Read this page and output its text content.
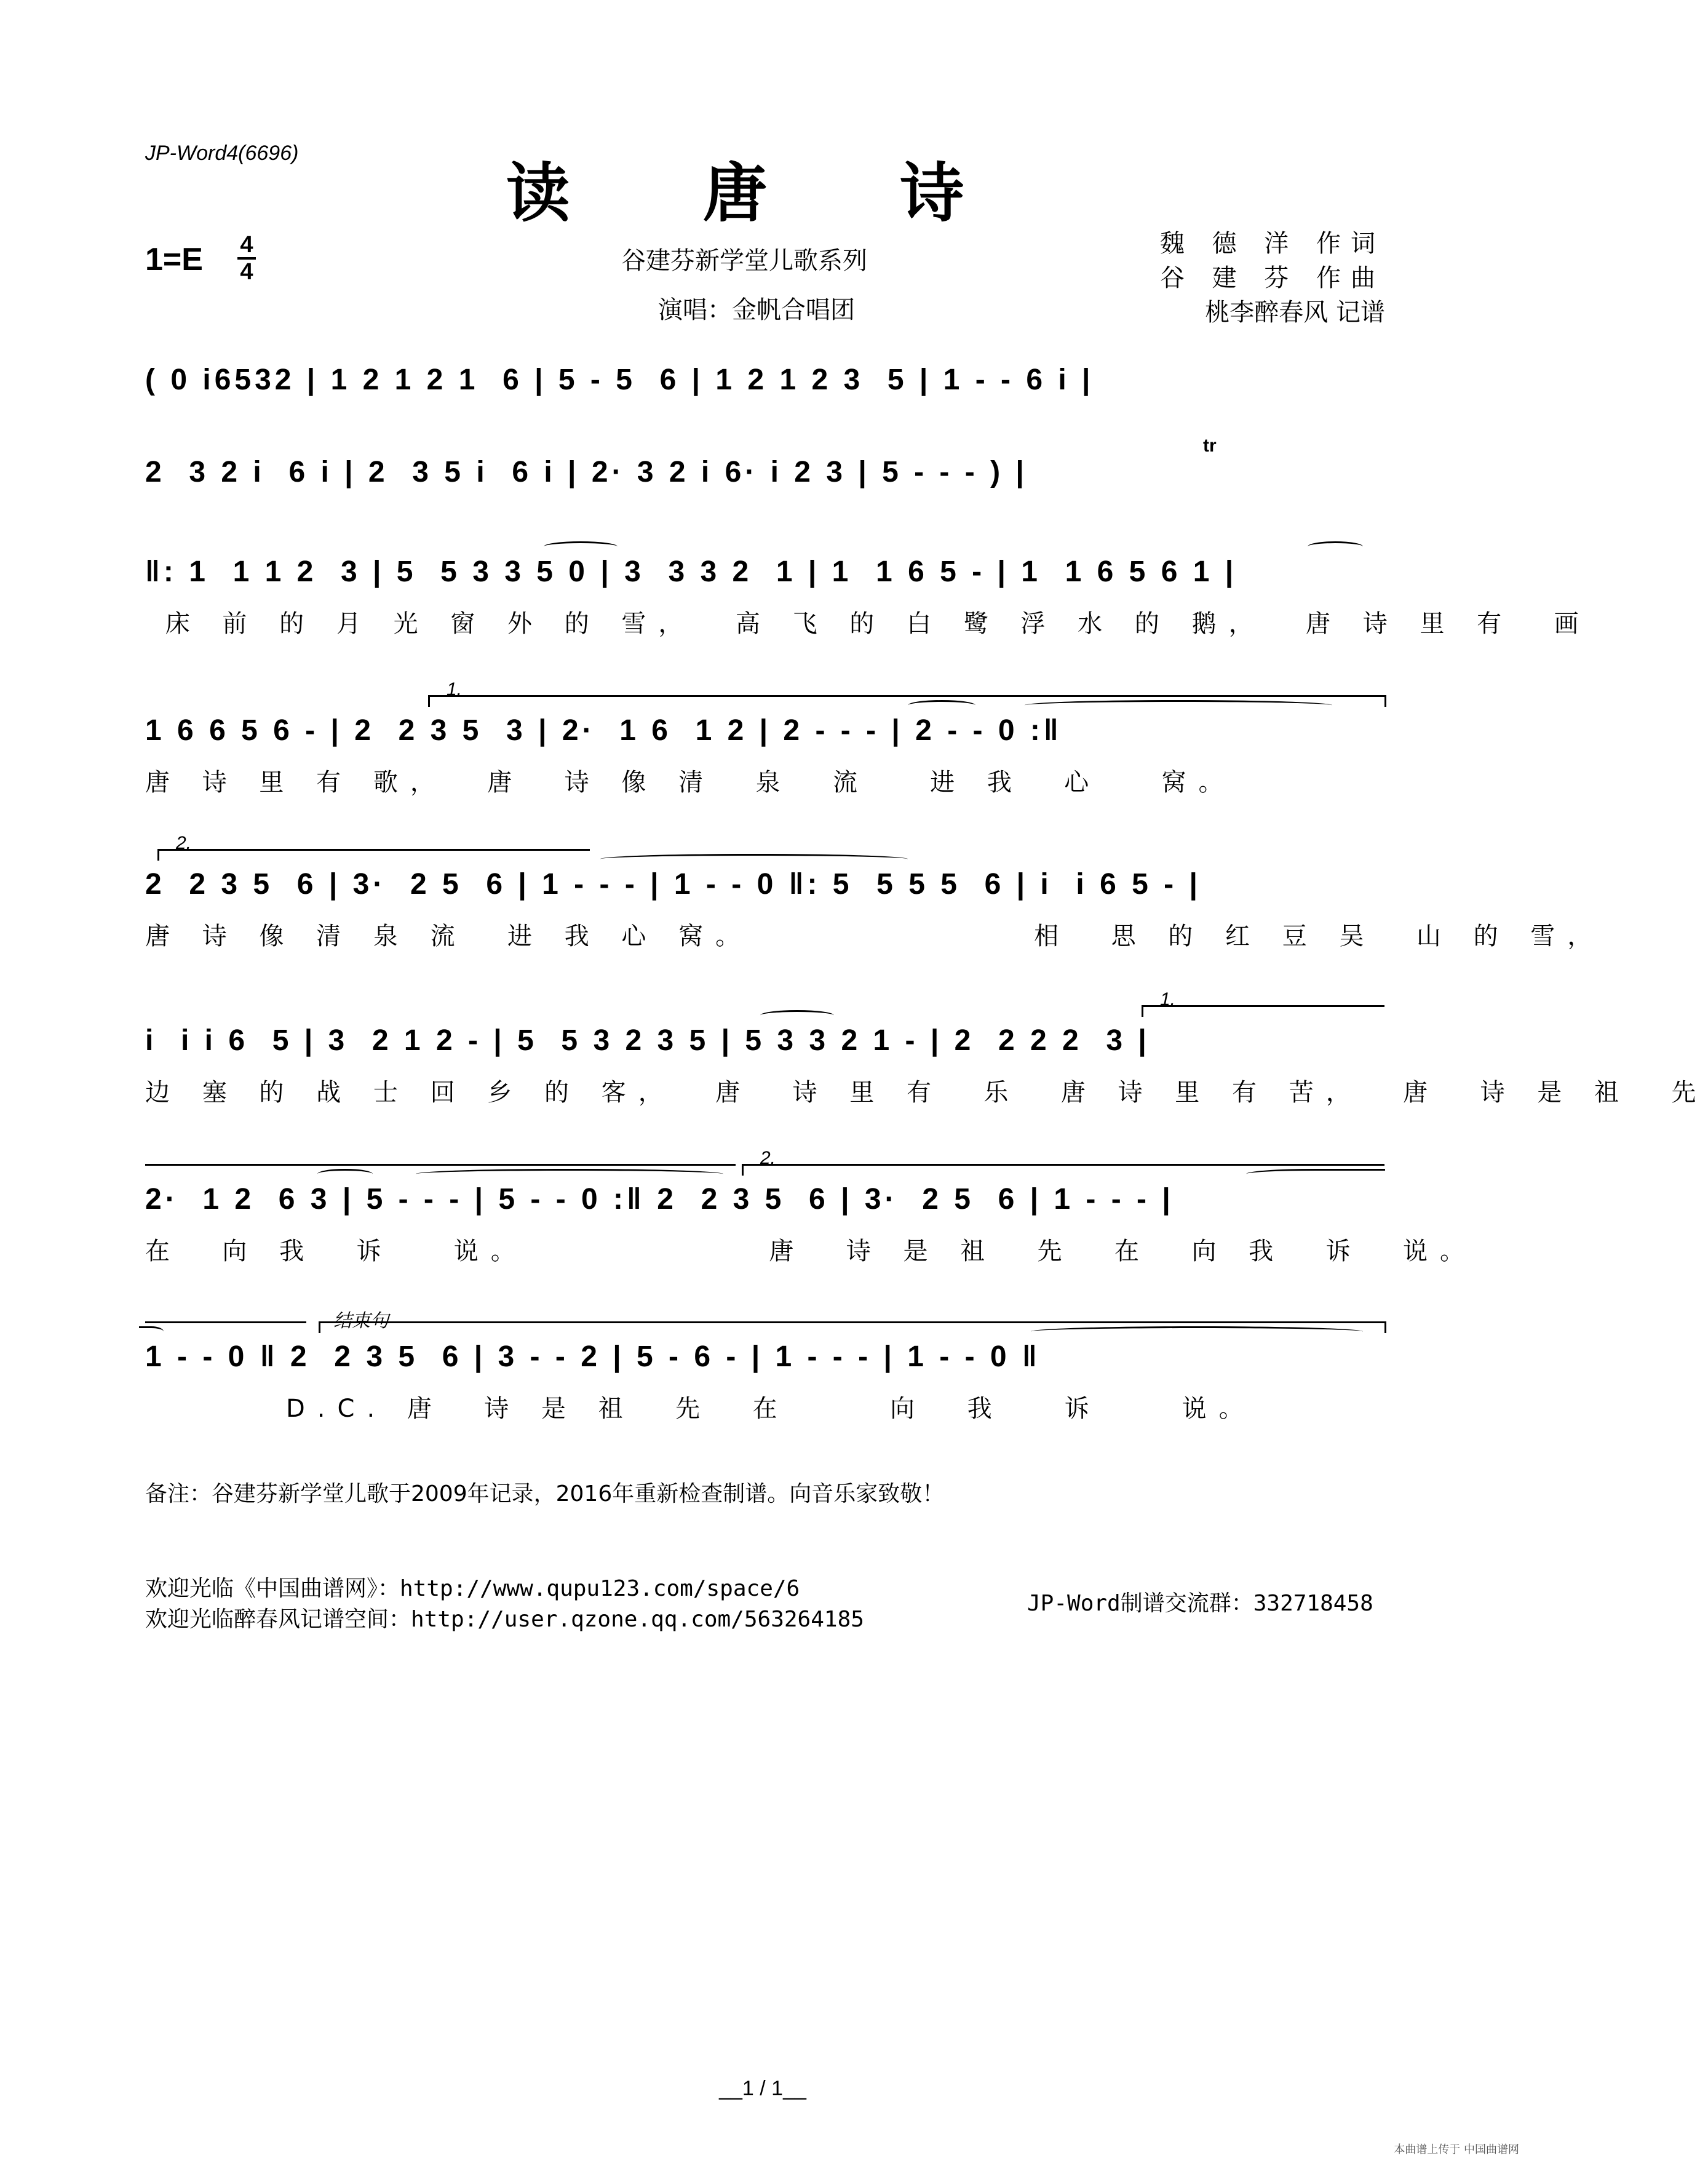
JP-Word4(6696)
读 唐 诗
1=E 4
4	谷建芬新学堂儿歌系列
演唱：金帆合唱团
魏 德 洋 作词
谷 建 芬 作曲
桃李醉春风 记谱
( 0 i6532 | 1 2 1 2 1  6 | 5 - 5  6 | 1 2 1 2 3  5 | 1 - - 6 i |
tr
2  3 2 i  6 i | 2  3 5 i  6 i | 2· 3 2 i 6· i 2 3 | 5 - - - ) |
‖: 1  1 1 2  3 | 5  5 3 3 5 0 | 3  3 3 2  1 | 1  1 6 5 - | 1  1 6 5 6 1 |
床 前 的 月 光 窗 外 的 雪，  高 飞 的 白 鹭 浮 水 的 鹅，  唐 诗 里 有  画
1.
1 6 6 5 6 - | 2  2 3 5  3 | 2·  1 6  1 2 | 2 - - - | 2 - - 0 :‖
唐 诗 里 有 歌，  唐  诗 像 清  泉  流   进 我  心   窝。
2.
2  2 3 5  6 | 3·  2 5  6 | 1 - - - | 1 - - 0 ‖: 5  5 5 5  6 | i  i 6 5 - |
唐 诗 像 清 泉 流  进 我 心 窝。              相  思 的 红 豆 吴  山 的 雪，
1.
i  i i 6  5 | 3  2 1 2 - | 5  5 3 2 3 5 | 5 3 3 2 1 - | 2  2 2 2  3 |
边 塞 的 战 士 回 乡 的 客，  唐  诗 里 有  乐  唐 诗 里 有 苦，  唐  诗 是 祖  先
2.
2·  1 2  6 3 | 5 - - - | 5 - - 0 :‖ 2  2 3 5  6 | 3·  2 5  6 | 1 - - - |
在  向 我  诉   说。            唐  诗 是 祖  先  在  向 我  诉  说。
结束句
1 - - 0 ‖ 2  2 3 5  6 | 3 - - 2 | 5 - 6 - | 1 - - - | 1 - - 0 ‖
D.C. 唐  诗 是 祖  先  在     向  我   诉    说。
备注：谷建芬新学堂儿歌于2009年记录，2016年重新检查制谱。向音乐家致敬！
欢迎光临《中国曲谱网》：http://www.qupu123.com/space/6
欢迎光临醉春风记谱空间：http://user.qzone.qq.com/563264185
JP-Word制谱交流群：332718458
__1 / 1__
本曲谱上传于 中国曲谱网
